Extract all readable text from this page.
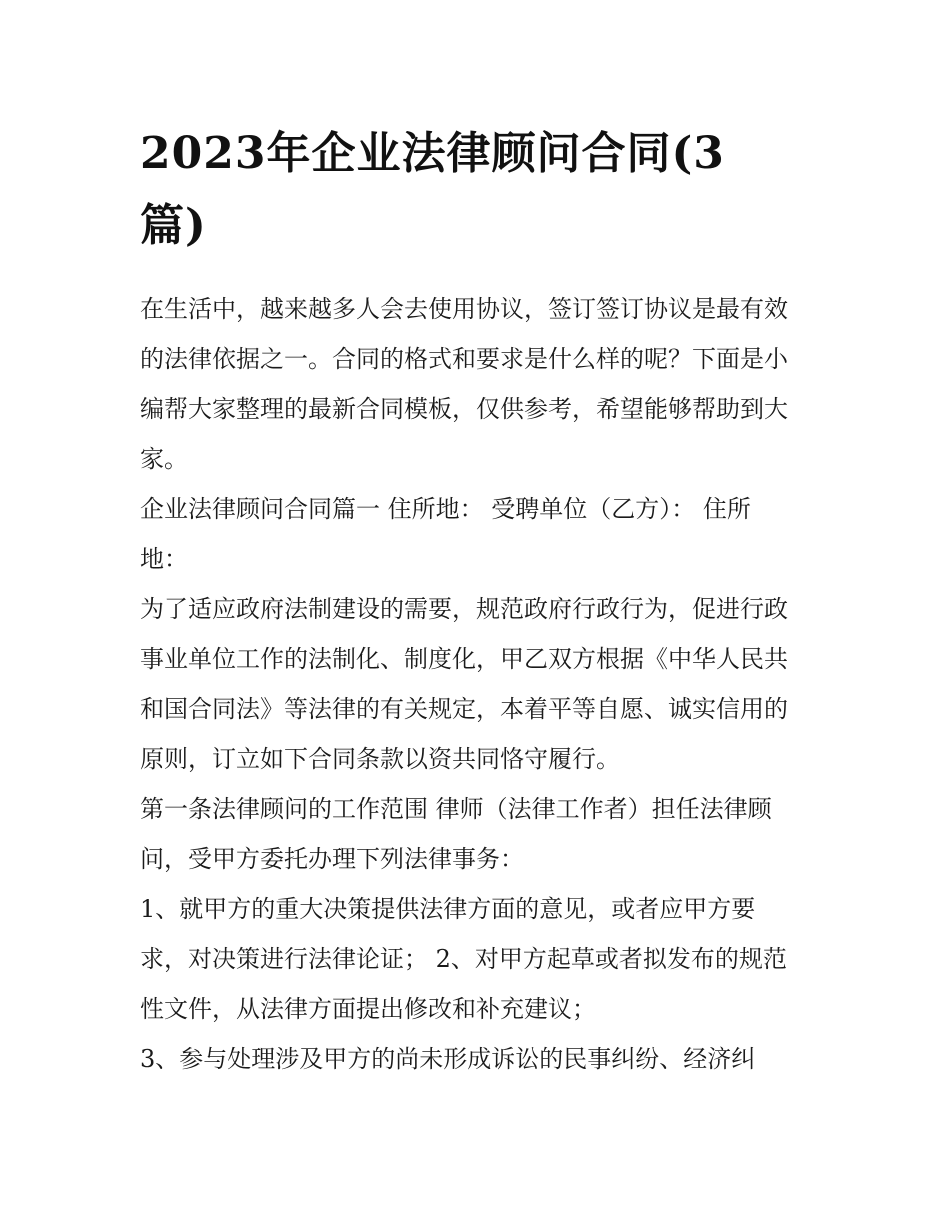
2023年企业法律顾问合同(3
篇)
在生活中，越来越多人会去使用协议，签订签订协议是最有效
的法律依据之一。合同的格式和要求是什么样的呢？下面是小
编帮大家整理的最新合同模板，仅供参考，希望能够帮助到大
家。
企业法律顾问合同篇一 住所地： 受聘单位（乙方）： 住所
地：
为了适应政府法制建设的需要，规范政府行政行为，促进行政
事业单位工作的法制化、制度化，甲乙双方根据《中华人民共
和国合同法》等法律的有关规定，本着平等自愿、诚实信用的
原则，订立如下合同条款以资共同恪守履行。
第一条法律顾问的工作范围 律师（法律工作者）担任法律顾
问，受甲方委托办理下列法律事务：
1、就甲方的重大决策提供法律方面的意见，或者应甲方要
求，对决策进行法律论证； 2、对甲方起草或者拟发布的规范
性文件，从法律方面提出修改和补充建议；
3、参与处理涉及甲方的尚未形成诉讼的民事纠纷、经济纠
